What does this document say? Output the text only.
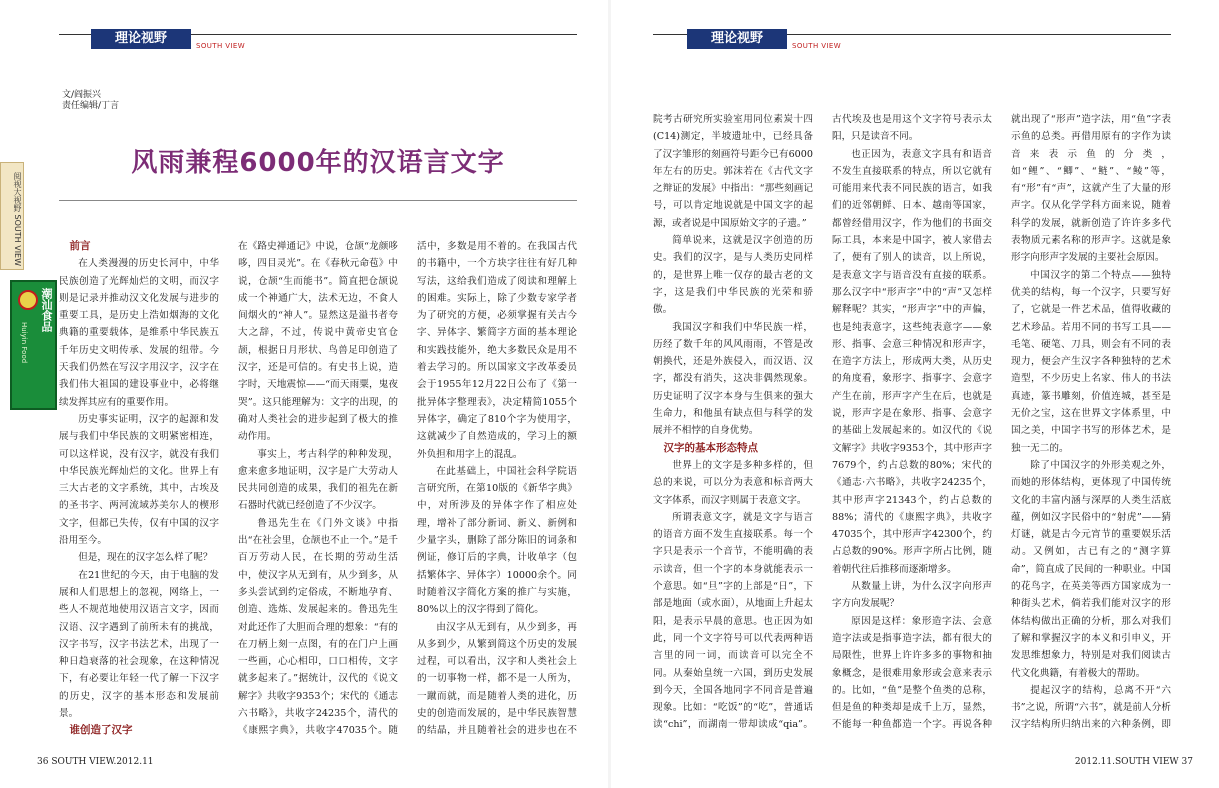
阅视大视野 SOUTH VIEW
潮汕食品
Huiyin Food
理论视野	SOUTH VIEW
文/阎振兴
责任编辑/丁言
风雨兼程6000年的汉语言文字
前言

在人类漫漫的历史长河中，中华民族创造了光辉灿烂的文明，而汉字则是记录并推动汉文化发展与进步的重要工具，是历史上浩如烟海的文化典籍的重要载体，是维系中华民族五千年历史文明传承、发展的纽带。今天我们仍然在写汉字用汉字，汉字在我们伟大祖国的建设事业中，必将继续发挥其应有的重要作用。

历史事实证明，汉字的起源和发展与我们中华民族的文明紧密相连，可以这样说，没有汉字，就没有我们中华民族光辉灿烂的文化。世界上有三大古老的文字系统，其中，古埃及的圣书字、两河流域苏美尔人的楔形文字，但都已失传，仅有中国的汉字沿用至今。

但是，现在的汉字怎么样了呢？

在21世纪的今天，由于电脑的发展和人们思想上的忽视，网络上，一些人不规范地使用汉语言文字，因而汉语、汉字遇到了前所未有的挑战，汉字书写，汉字书法艺术，出现了一种日趋衰落的社会现象，在这种情况下，有必要让年轻一代了解一下汉字的历史，汉字的基本形态和发展前景。

谁创造了汉字

在《路史禅通记》中说，仓颉“龙颜哆哆，四目灵光”。在《春秋元命苞》中说，仓颉“生而能书”。简直把仓颉说成一个神通广大，法术无边，不食人间烟火的“神人”。显然这是溢书者夸大之辞，不过，传说中黄帝史官仓颉，根据日月形状、鸟兽足印创造了汉字，还是可信的。有史书上说，造字时，天地震惊——“而天雨粟，鬼夜哭”。这只能理解为：文字的出现，的确对人类社会的进步起到了极大的推动作用。

事实上，考古科学的种种发现，愈来愈多地证明，汉字是广大劳动人民共同创造的成果，我们的祖先在新石器时代就已经创造了不少汉字。

鲁迅先生在《门外文谈》中指出“在社会里，仓颉也不止一个。”是千百万劳动人民，在长期的劳动生活中，使汉字从无到有，从少到多，从多头尝试到约定俗成，不断地孕育、创造、选炼、发展起来的。鲁迅先生对此还作了大胆而合理的想象：“有的在刀柄上刻一点图，有的在门户上画一些画，心心相印，口口相传，文字就多起来了。”据统计，汉代的《说文解字》共收字9353个；宋代的《通志六书略》，共收字24235个，清代的《康熙字典》，共收字47035个。随

活中，多数是用不着的。在我国古代的书籍中，一个方块字往往有好几种写法，这给我们造成了阅读和理解上的困难。实际上，除了少数专家学者为了研究的方便，必须掌握有关古今字、异体字、繁简字方面的基本理论和实践技能外，绝大多数民众是用不着去学习的。所以国家文字改革委员会于1955年12月22日公布了《第一批异体字整理表》，决定精简1055个异体字，确定了810个字为使用字，这就减少了自然造成的，学习上的额外负担和用字上的混乱。

在此基础上，中国社会科学院语言研究所，在第10版的《新华字典》中，对所涉及的异体字作了相应处理，增补了部分新词、新义、新例和少量字头，删除了部分陈旧的词条和例证，修订后的字典，计收单字（包括繁体字、异体字）10000余个。同时随着汉字简化方案的推广与实施，80%以上的汉字得到了简化。

由汉字从无到有，从少到多，再从多到少，从繁到简这个历史的发展过程，可以看出，汉字和人类社会上的一切事物一样，都不是一人所为，一蹴而就，而是随着人类的进化，历史的创造而发展的，是中华民族智慧的结晶，并且随着社会的进步也在不

36 SOUTH VIEW.2012.11
理论视野	SOUTH VIEW

院考古研究所实验室用同位素炭十四(C14)测定，半坡遗址中，已经具备了汉字雏形的刻画符号距今已有6000年左右的历史。郭沫若在《古代文字之辩证的发展》中指出：“那些刻画记号，可以肯定地说就是中国文字的起源，或者说是中国原始文字的子遗。”

简单说来，这就是汉字创造的历史。我们的汉字，是与人类历史同样的，是世界上唯一仅存的最古老的文字，这是我们中华民族的光荣和骄傲。

我国汉字和我们中华民族一样，历经了数千年的风风雨雨，不管是改朝换代，还是外族侵入，而汉语、汉字，都没有消失，这决非偶然现象。历史证明了汉字本身与生俱来的强大生命力，和他虽有缺点但与科学的发展并不相悖的自身优势。

汉字的基本形态特点

世界上的文字是多种多样的，但总的来说，可以分为表意和标音两大文字体系，而汉字则属于表意文字。

所谓表意文字，就是文字与语言的语音方面不发生直接联系。每一个字只是表示一个音节，不能明确的表示读音，但一个字的本身就能表示一个意思。如“旦”字的上部是“日”，下部是地面（或水面），从地面上升起太阳，是表示早晨的意思。也正因为如此，同一个文字符号可以代表两种语言里的同一词，而读音可以完全不同。从秦始皇统一六国，到历史发展到今天，全国各地同字不同音是普遍现象。比如：“吃饭”的“吃”，普通话读“chi”，而湖南一带却读成“qia”。

古代埃及也是用这个文字符号表示太阳，只是读音不同。

也正因为，表意文字具有和语音不发生直接联系的特点，所以它就有可能用来代表不同民族的语言，如我们的近邻朝鲜、日本、越南等国家，都曾经借用汉字，作为他们的书面交际工具，本来是中国字，被人家借去了，便有了别人的读音，以上所说，是表意文字与语音没有直接的联系。那么汉字中“形声字”中的“声”又怎样解释呢？其实，“形声字”中的声偏，也是纯表意字，这些纯表意字——象形、指事、会意三种情况和形声字，在造字方法上，形成两大类，从历史的角度看，象形字、指事字、会意字产生在前，形声字产生在后，也就是说，形声字是在象形、指事、会意字的基础上发展起来的。如汉代的《说文解字》共收字9353个，其中形声字7679个，约占总数的80%；宋代的《通志·六书略》，共收字24235个，其中形声字21343个，约占总数的88%；清代的《康熙字典》，共收字47035个，其中形声字42300个，约占总数的90%。形声字所占比例，随着朝代往后推移而逐渐增多。

从数量上讲，为什么汉字向形声字方向发展呢？

原因是这样：象形造字法、会意造字法或是指事造字法，都有很大的局限性，世界上许许多多的事物和抽象概念，是很难用象形或会意来表示的。比如，“鱼”是整个鱼类的总称，但是鱼的种类却是成千上万，显然，不能每一种鱼都造一个字。再说各种

就出现了“形声”造字法，用“鱼”字表示鱼的总类。再借用原有的字作为读音来表示鱼的分类，如“鲤”、“鲫”、“鲢”、“鲮”等，有“形”有“声”，这就产生了大量的形声字。仅从化学学科方面来说，随着科学的发展，就新创造了许许多多代表物质元素名称的形声字。这就是象形字向形声字发展的主要社会原因。

中国汉字的第二个特点——独特优美的结构，每一个汉字，只要写好了，它就是一件艺术品，值得收藏的艺术珍品。若用不同的书写工具——毛笔、硬笔、刀具，则会有不同的表现力，便会产生汉字各种独特的艺术造型，不少历史上名家、伟人的书法真迹，篆书雕刻，价值连城，甚至是无价之宝，这在世界文字体系里，中国之美，中国字书写的形体艺术，是独一无二的。

除了中国汉字的外形美观之外，而她的形体结构，更体现了中国传统文化的丰富内涵与深厚的人类生活底蕴，例如汉字民俗中的“射虎”——猜灯谜，就是古今元宵节的重要娱乐活动。又例如，古已有之的“测字算命”，简直成了民间的一种职业。中国的花鸟字，在英美等西方国家成为一种街头艺术，倘若我们能对汉字的形体结构做出正确的分析，那么对我们了解和掌握汉字的本义和引申义，开发思维想象力，特别是对我们阅读古代文化典籍，有着极大的帮助。

提起汉字的结构，总离不开“六书”之说，所谓“六书”，就是前人分析汉字结构所归纳出来的六种条例，即

2012.11.SOUTH VIEW 37
